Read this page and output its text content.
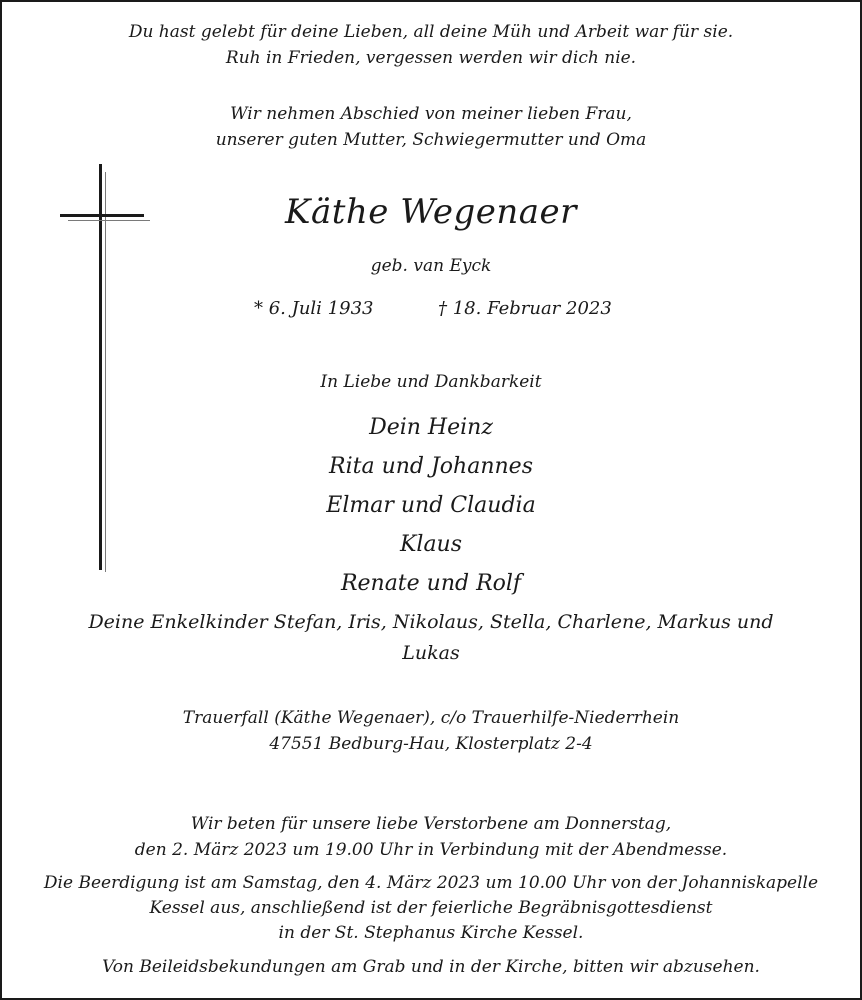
Du hast gelebt für deine Lieben, all deine Müh und Arbeit war für sie.
Ruh in Frieden, vergessen werden wir dich nie.
Wir nehmen Abschied von meiner lieben Frau,
unserer guten Mutter, Schwiegermutter und Oma
Käthe Wegenaer
geb. van Eyck
* 6. Juli 1933	† 18. Februar 2023
In Liebe und Dankbarkeit
Dein Heinz
Rita und Johannes
Elmar und Claudia
Klaus
Renate und Rolf
Deine Enkelkinder Stefan, Iris, Nikolaus, Stella, Charlene, Markus und
Lukas
Trauerfall (Käthe Wegenaer), c/o Trauerhilfe-Niederrhein
47551 Bedburg-Hau, Klosterplatz 2-4
Wir beten für unsere liebe Verstorbene am Donnerstag,
den 2. März 2023 um 19.00 Uhr in Verbindung mit der Abendmesse.
Die Beerdigung ist am Samstag, den 4. März 2023 um 10.00 Uhr von der Johanniskapelle
Kessel aus, anschließend ist der feierliche Begräbnisgottesdienst
in der St. Stephanus Kirche Kessel.
Von Beileidsbekundungen am Grab und in der Kirche, bitten wir abzusehen.
